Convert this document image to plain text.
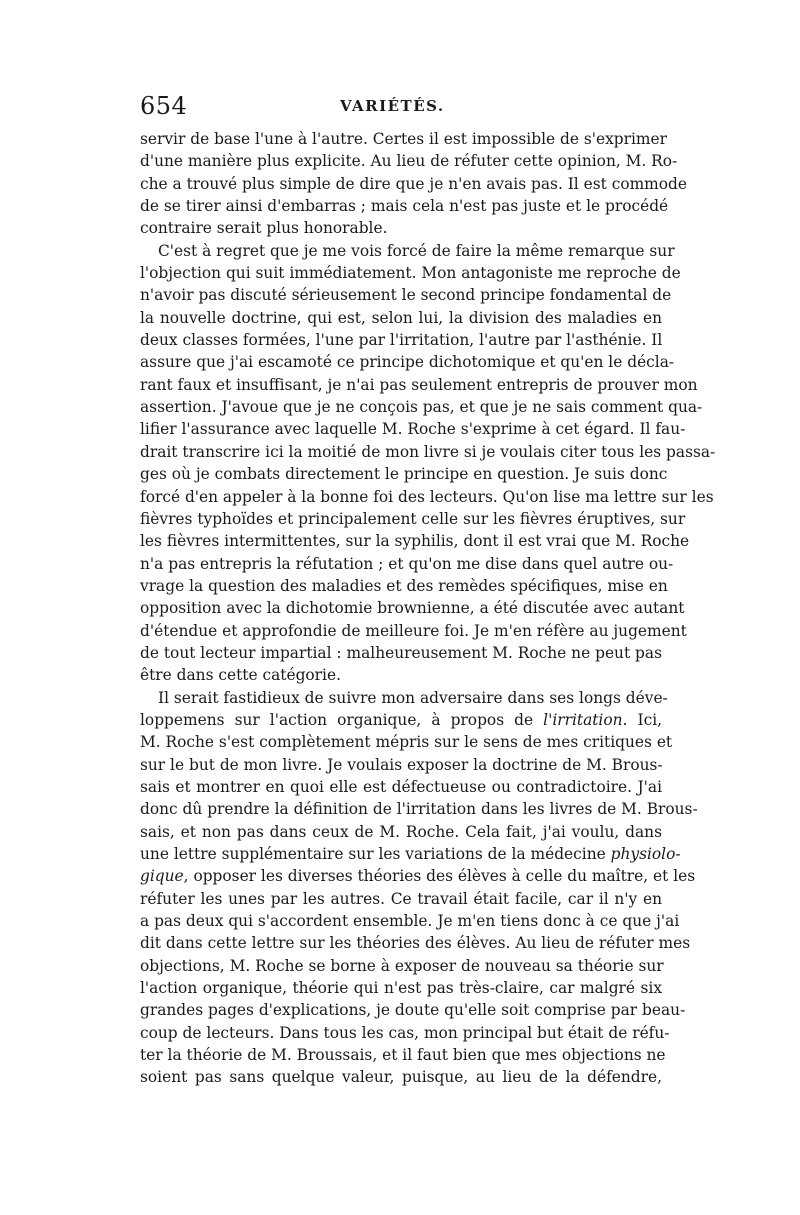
654	VARIÉTÉS.
servir de base l'une à l'autre. Certes il est impossible de s'exprimer
d'une manière plus explicite. Au lieu de réfuter cette opinion, M. Ro-
che a trouvé plus simple de dire que je n'en avais pas. Il est commode
de se tirer ainsi d'embarras ; mais cela n'est pas juste et le procédé
contraire serait plus honorable.
C'est à regret que je me vois forcé de faire la même remarque sur
l'objection qui suit immédiatement. Mon antagoniste me reproche de
n'avoir pas discuté sérieusement le second principe fondamental de
la nouvelle doctrine, qui est, selon lui, la division des maladies en
deux classes formées, l'une par l'irritation, l'autre par l'asthénie. Il
assure que j'ai escamoté ce principe dichotomique et qu'en le décla-
rant faux et insuffisant, je n'ai pas seulement entrepris de prouver mon
assertion. J'avoue que je ne conçois pas, et que je ne sais comment qua-
lifier l'assurance avec laquelle M. Roche s'exprime à cet égard. Il fau-
drait transcrire ici la moitié de mon livre si je voulais citer tous les passa-
ges où je combats directement le principe en question. Je suis donc
forcé d'en appeler à la bonne foi des lecteurs. Qu'on lise ma lettre sur les
fièvres typhoïdes et principalement celle sur les fièvres éruptives, sur
les fièvres intermittentes, sur la syphilis, dont il est vrai que M. Roche
n'a pas entrepris la réfutation ; et qu'on me dise dans quel autre ou-
vrage la question des maladies et des remèdes spécifiques, mise en
opposition avec la dichotomie brownienne, a été discutée avec autant
d'étendue et approfondie de meilleure foi. Je m'en réfère au jugement
de tout lecteur impartial : malheureusement M. Roche ne peut pas
être dans cette catégorie.
Il serait fastidieux de suivre mon adversaire dans ses longs déve-
loppemens sur l'action organique, à propos de l'irritation. Ici,
M. Roche s'est complètement mépris sur le sens de mes critiques et
sur le but de mon livre. Je voulais exposer la doctrine de M. Brous-
sais et montrer en quoi elle est défectueuse ou contradictoire. J'ai
donc dû prendre la définition de l'irritation dans les livres de M. Brous-
sais, et non pas dans ceux de M. Roche. Cela fait, j'ai voulu, dans
une lettre supplémentaire sur les variations de la médecine physiolo-
gique, opposer les diverses théories des élèves à celle du maître, et les
réfuter les unes par les autres. Ce travail était facile, car il n'y en
a pas deux qui s'accordent ensemble. Je m'en tiens donc à ce que j'ai
dit dans cette lettre sur les théories des élèves. Au lieu de réfuter mes
objections, M. Roche se borne à exposer de nouveau sa théorie sur
l'action organique, théorie qui n'est pas très-claire, car malgré six
grandes pages d'explications, je doute qu'elle soit comprise par beau-
coup de lecteurs. Dans tous les cas, mon principal but était de réfu-
ter la théorie de M. Broussais, et il faut bien que mes objections ne
soient pas sans quelque valeur, puisque, au lieu de la défendre,
